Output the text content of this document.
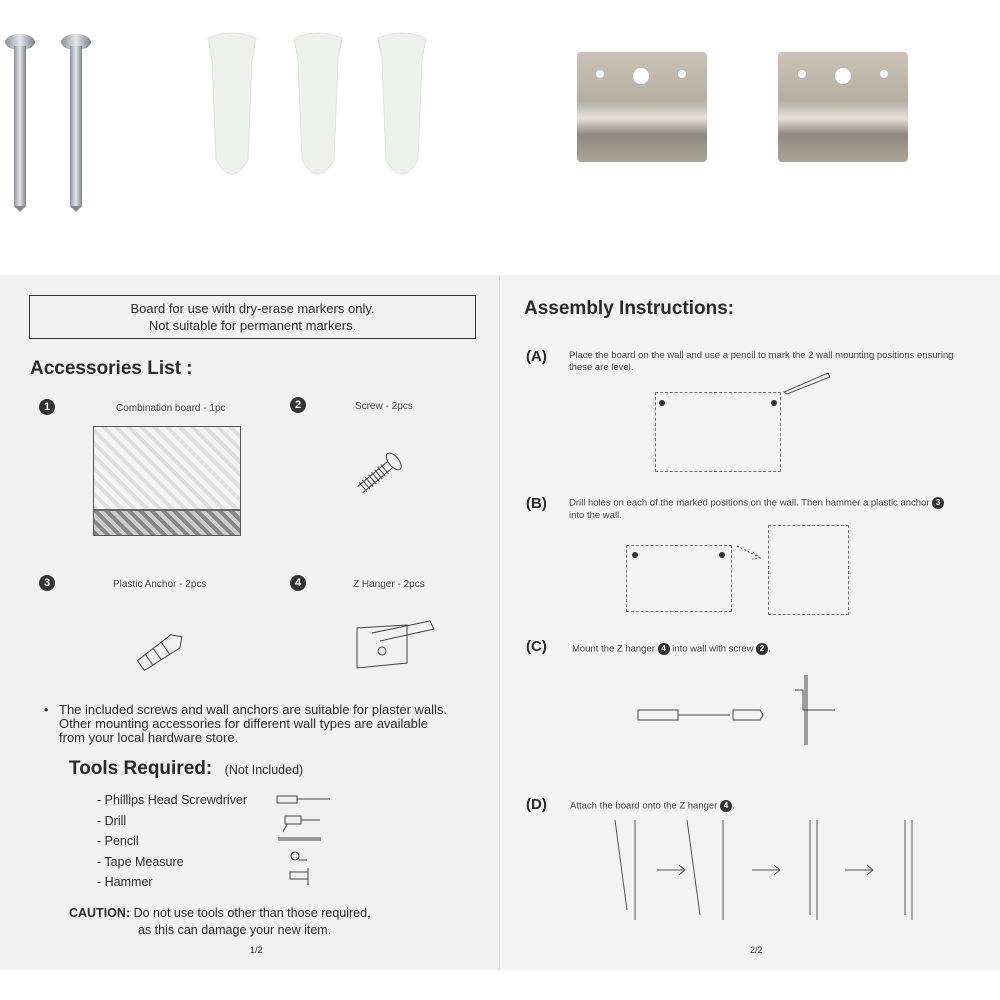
Board for use with dry-erase markers only.
Not suitable for permanent markers.
Accessories List :
1	Combination board - 1pc	2	Screw - 2pcs
3	Plastic Anchor - 2pcs	4	Z Hanger - 2pcs
• The included screws and wall anchors are suitable for plaster walls.
Other mounting accessories for different wall types are available
from your local hardware store.
Tools Required: (Not Included)
- Phillips Head Screwdriver
- Drill
- Pencil
- Tape Measure
- Hammer
CAUTION: Do not use tools other than those required,
as this can damage your new item.
1/2
Assembly Instructions:
(A) Place the board on the wall and use a pencil to mark the 2 wall mounting positions ensuring
these are level.
(B) Drill holes on each of the marked positions on the wall. Then hammer a plastic anchor 3
into the wall.
(C)	Mount the Z hanger 4 into wall with screw 2 .
(D) Attach the board onto the Z hanger 4 .
2/2
